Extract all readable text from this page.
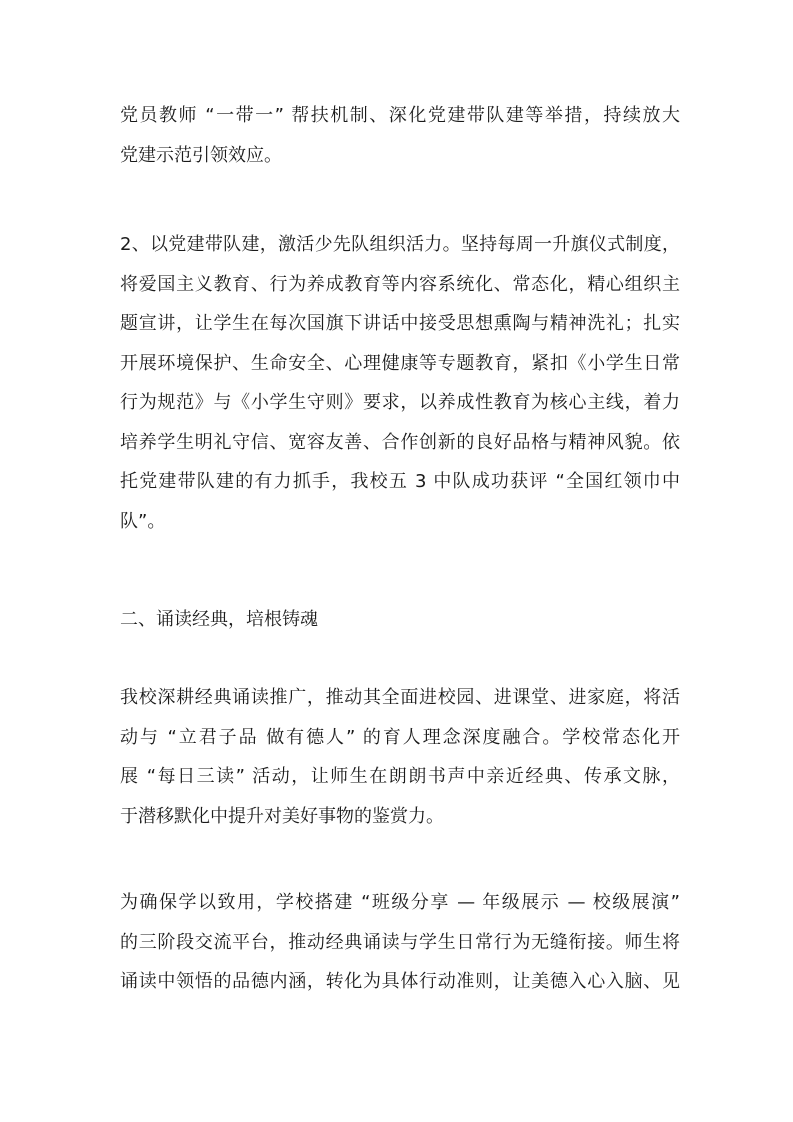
党员教师 “一带一” 帮扶机制、深化党建带队建等举措，持续放大
党建示范引领效应。
2、以党建带队建，激活少先队组织活力。坚持每周一升旗仪式制度，
将爱国主义教育、行为养成教育等内容系统化、常态化，精心组织主
题宣讲，让学生在每次国旗下讲话中接受思想熏陶与精神洗礼；扎实
开展环境保护、生命安全、心理健康等专题教育，紧扣《小学生日常
行为规范》与《小学生守则》要求，以养成性教育为核心主线，着力
培养学生明礼守信、宽容友善、合作创新的良好品格与精神风貌。依
托党建带队建的有力抓手，我校五 3 中队成功获评 “全国红领巾中
队”。
二、诵读经典，培根铸魂
我校深耕经典诵读推广，推动其全面进校园、进课堂、进家庭，将活
动与 “立君子品 做有德人” 的育人理念深度融合。学校常态化开
展 “每日三读” 活动，让师生在朗朗书声中亲近经典、传承文脉，
于潜移默化中提升对美好事物的鉴赏力。
为确保学以致用，学校搭建 “班级分享 — 年级展示 — 校级展演”
的三阶段交流平台，推动经典诵读与学生日常行为无缝衔接。师生将
诵读中领悟的品德内涵，转化为具体行动准则，让美德入心入脑、见
